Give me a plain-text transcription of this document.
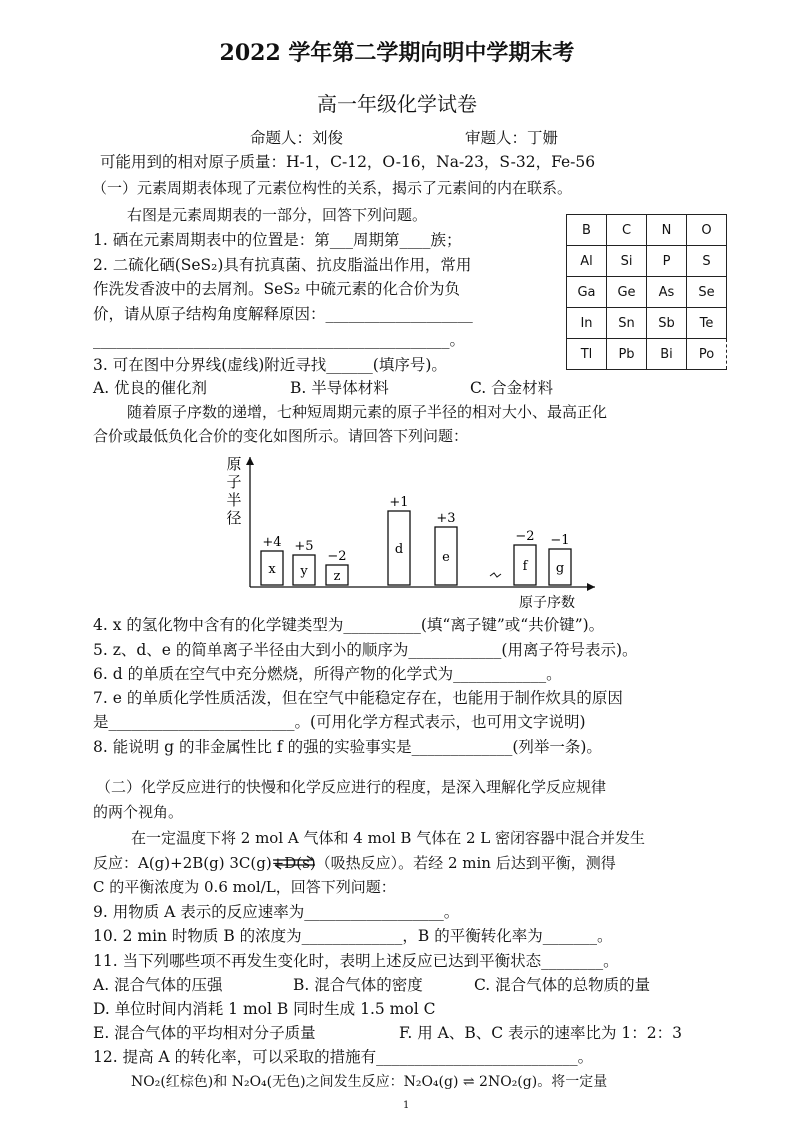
2022 学年第二学期向明中学期末考
高一年级化学试卷
命题人：刘俊	审题人：丁姗
可能用到的相对原子质量：H-1，C-12，O-16，Na-23，S-32，Fe-56
（一）元素周期表体现了元素位构性的关系，揭示了元素间的内在联系。
右图是元素周期表的一部分，回答下列问题。
1. 硒在元素周期表中的位置是：第___周期第____族；
2. 二硫化硒(SeS₂)具有抗真菌、抗皮脂溢出作用，常用
作洗发香波中的去屑剂。SeS₂ 中硫元素的化合价为负
价，请从原子结构角度解释原因：___________________
______________________________________________。
3. 可在图中分界线(虚线)附近寻找______(填序号)。
A. 优良的催化剂	B. 半导体材料	C. 合金材料
B	C	N	O
Al	Si	P	S
Ga	Ge	As	Se
In	Sn	Sb	Te
Tl	Pb	Bi	Po
随着原子序数的递增，七种短周期元素的原子半径的相对大小、最高正化
合价或最低负化合价的变化如图所示。请回答下列问题：
原
子
半
径
原子序数
x
+4
y
+5
z
−2	d
+1
e
+3
f
−2
g
−1
4. x 的氢化物中含有的化学键类型为__________(填“离子键”或“共价键”)。
5. z、d、e 的简单离子半径由大到小的顺序为____________(用离子符号表示)。
6. d 的单质在空气中充分燃烧，所得产物的化学式为____________。
7. e 的单质化学性质活泼，但在空气中能稳定存在，也能用于制作炊具的原因
是________________________。(可用化学方程式表示，也可用文字说明)
8. 能说明 g 的非金属性比 f 的强的实验事实是_____________(列举一条)。
（二）化学反应进行的快慢和化学反应进行的程度，是深入理解化学反应规律
的两个视角。
在一定温度下将 2 mol A 气体和 4 mol B 气体在 2 L 密闭容器中混合并发生
反应：A(g)+2B(g) 3C(g)+D(s)（吸热反应）。若经 2 min 后达到平衡，测得
C 的平衡浓度为 0.6 mol/L，回答下列问题：
9. 用物质 A 表示的反应速率为__________________。
10. 2 min 时物质 B 的浓度为_____________，B 的平衡转化率为_______。
11. 当下列哪些项不再发生变化时，表明上述反应已达到平衡状态________。
A. 混合气体的压强	B. 混合气体的密度	C. 混合气体的总物质的量
D. 单位时间内消耗 1 mol B 同时生成 1.5 mol C
E. 混合气体的平均相对分子质量	F. 用 A、B、C 表示的速率比为 1：2：3
12. 提高 A 的转化率，可以采取的措施有__________________________。
NO₂(红棕色)和 N₂O₄(无色)之间发生反应：N₂O₄(g) ⇌ 2NO₂(g)。将一定量
1
